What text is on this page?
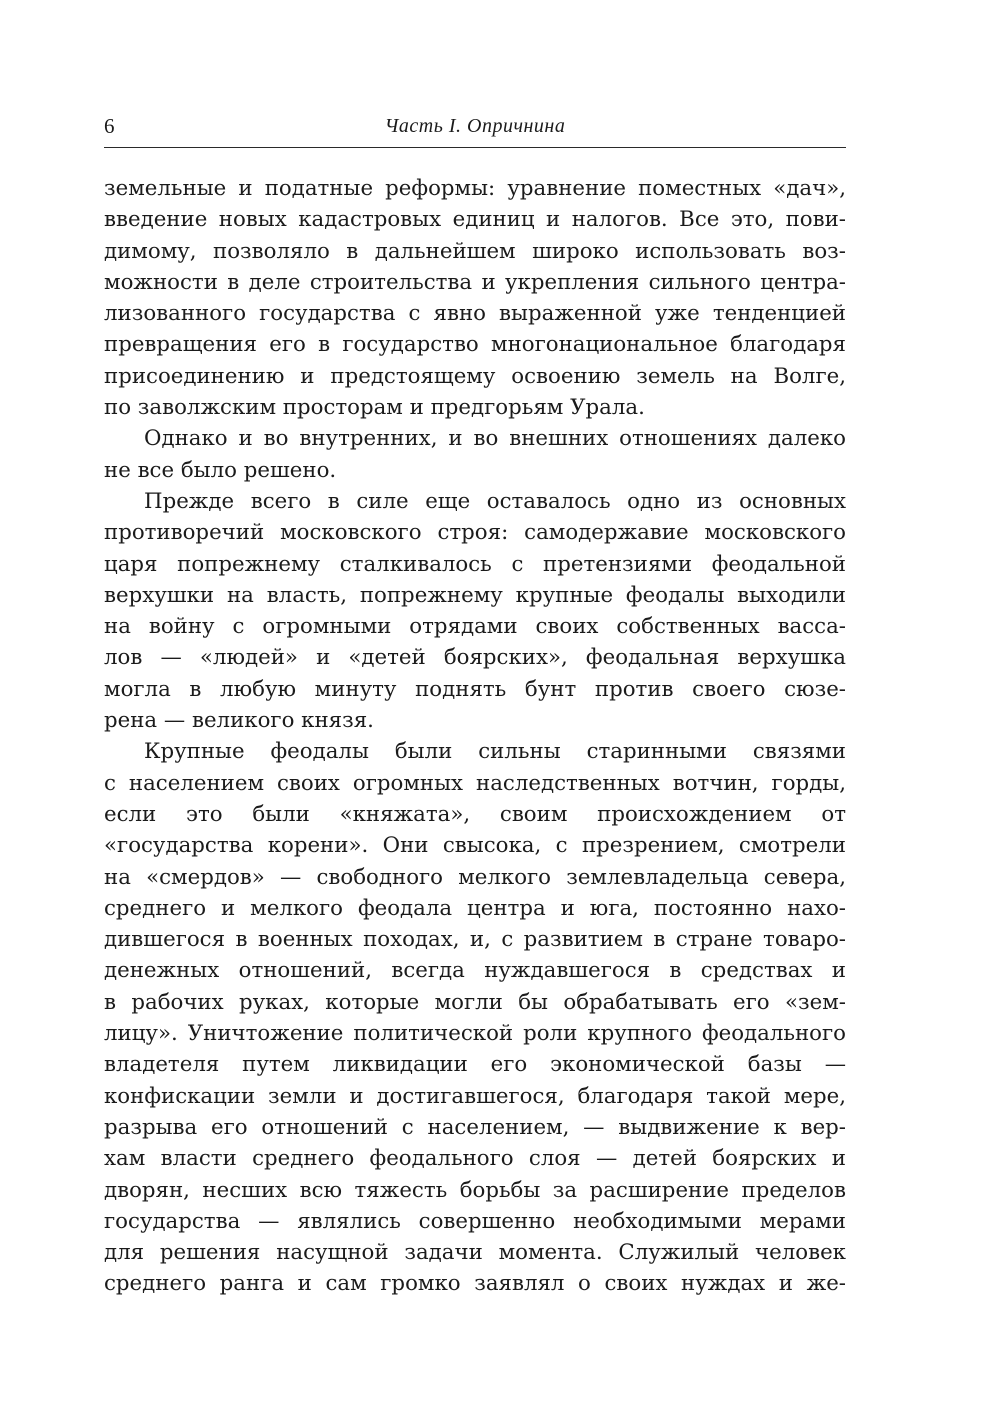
6	Часть I. Опричнина
земельные и податные реформы: уравнение поместных «дач»,
введение новых кадастровых единиц и налогов. Все это, пови-
димому, позволяло в дальнейшем широко использовать воз-
можности в деле строительства и укрепления сильного центра-
лизованного государства с явно выраженной уже тенденцией
превращения его в государство многонациональное благодаря
присоединению и предстоящему освоению земель на Волге,
по заволжским просторам и предгорьям Урала.
Однако и во внутренних, и во внешних отношениях далеко
не все было решено.
Прежде всего в силе еще оставалось одно из основных
противоречий московского строя: самодержавие московского
царя попрежнему сталкивалось с претензиями феодальной
верхушки на власть, попрежнему крупные феодалы выходили
на войну с огромными отрядами своих собственных васса-
лов — «людей» и «детей боярских», феодальная верхушка
могла в любую минуту поднять бунт против своего сюзе-
рена — великого князя.
Крупные феодалы были сильны старинными связями
с населением своих огромных наследственных вотчин, горды,
если это были «княжата», своим происхождением от
«государства корени». Они свысока, с презрением, смотрели
на «смердов» — свободного мелкого землевладельца севера,
среднего и мелкого феодала центра и юга, постоянно нахо-
дившегося в военных походах, и, с развитием в стране товаро-
денежных отношений, всегда нуждавшегося в средствах и
в рабочих руках, которые могли бы обрабатывать его «зем-
лицу». Уничтожение политической роли крупного феодального
владетеля путем ликвидации его экономической базы —
конфискации земли и достигавшегося, благодаря такой мере,
разрыва его отношений с населением, — выдвижение к вер-
хам власти среднего феодального слоя — детей боярских и
дворян, несших всю тяжесть борьбы за расширение пределов
государства — являлись совершенно необходимыми мерами
для решения насущной задачи момента. Служилый человек
среднего ранга и сам громко заявлял о своих нуждах и же-
